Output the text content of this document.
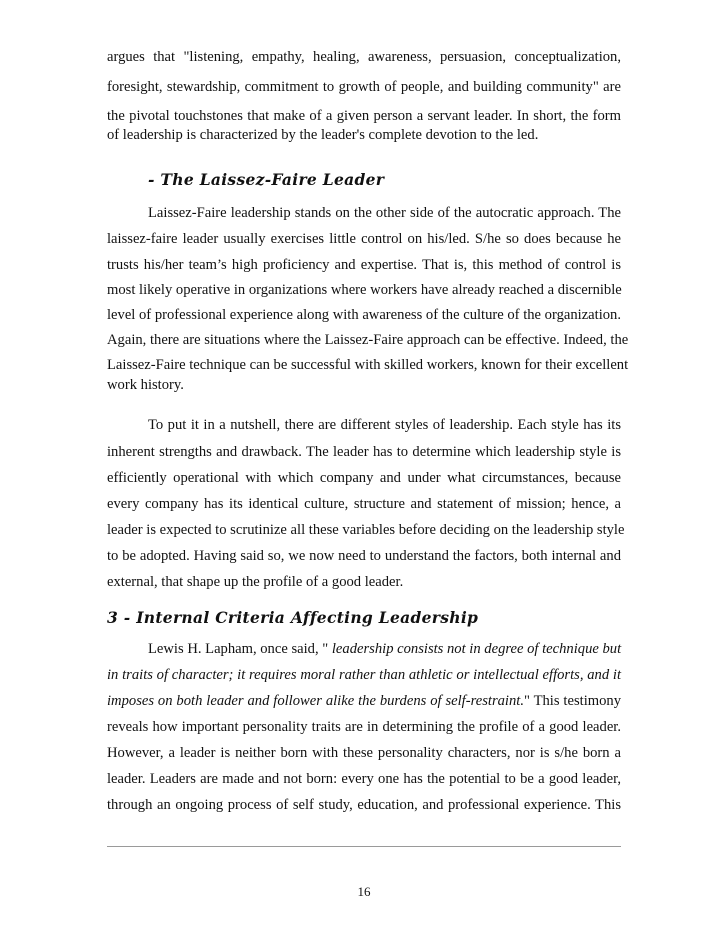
argues that "listening, empathy, healing, awareness, persuasion, conceptualization,
foresight, stewardship, commitment to growth of people, and building community" are
the pivotal touchstones that make of a given person a servant leader. In short, the form
of leadership is characterized by the leader's complete devotion to the led.
- The Laissez-Faire Leader
Laissez-Faire leadership stands on the other side of the autocratic approach. The
laissez-faire leader usually exercises little control on his/led. S/he so does because he
trusts his/her team’s high proficiency and expertise. That is, this method of control is
most likely operative in organizations where workers have already reached a discernible
level of professional experience along with awareness of the culture of the organization.
Again, there are situations where the Laissez-Faire approach can be effective. Indeed, the
Laissez-Faire technique can be successful with skilled workers, known for their excellent
work history.
To put it in a nutshell, there are different styles of leadership. Each style has its
inherent strengths and drawback. The leader has to determine which leadership style is
efficiently operational with which company and under what circumstances, because
every company has its identical culture, structure and statement of mission; hence, a
leader is expected to scrutinize all these variables before deciding on the leadership style
to be adopted. Having said so, we now need to understand the factors, both internal and
external, that shape up the profile of a good leader.
3 - Internal Criteria Affecting Leadership
Lewis H. Lapham, once said, " leadership consists not in degree of technique but
in traits of character; it requires moral rather than athletic or intellectual efforts, and it
imposes on both leader and follower alike the burdens of self-restraint." This testimony
reveals how important personality traits are in determining the profile of a good leader.
However, a leader is neither born with these personality characters, nor is s/he born a
leader. Leaders are made and not born: every one has the potential to be a good leader,
through an ongoing process of self study, education, and professional experience. This
16
